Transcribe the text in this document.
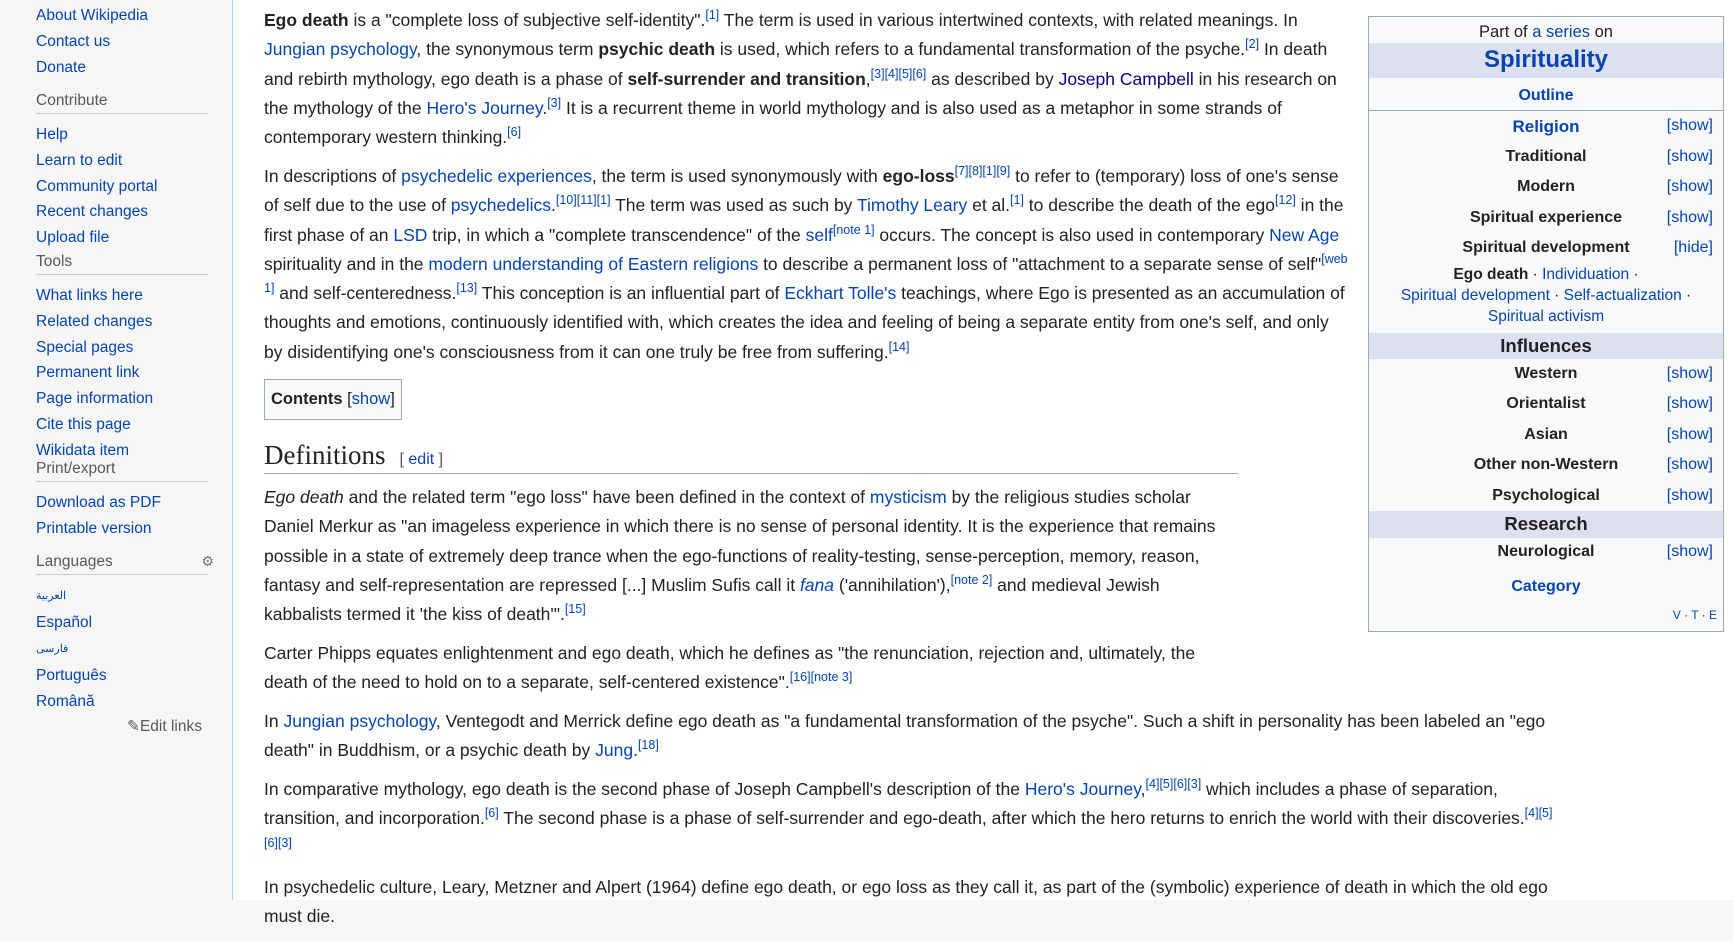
About Wikipedia
Contact us
Donate
Contribute
Help
Learn to edit
Community portal
Recent changes
Upload file
Tools
What links here
Related changes
Special pages
Permanent link
Page information
Cite this page
Wikidata item
Print/export
Download as PDF
Printable version
Languages	⚙
العربية
Español
فارسی
Português
Română
✎Edit links
Part of a series on
Spirituality
Outline
Religion	[show]
Traditional	[show]
Modern	[show]
Spiritual experience	[show]
Spiritual development	[hide]
Ego death · Individuation ·
Spiritual development · Self-actualization ·
Spiritual activism
Influences
Western	[show]
Orientalist	[show]
Asian	[show]
Other non-Western	[show]
Psychological	[show]
Research
Neurological	[show]
Category
V · T · E

Ego death is a "complete loss of subjective self-identity".[1] The term is used in various intertwined contexts, with related meanings. In Jungian psychology, the synonymous term psychic death is used, which refers to a fundamental transformation of the psyche.[2] In death and rebirth mythology, ego death is a phase of self-surrender and transition,[3][4][5][6] as described by Joseph Campbell in his research on the mythology of the Hero's Journey.[3] It is a recurrent theme in world mythology and is also used as a metaphor in some strands of contemporary western thinking.[6]

In descriptions of psychedelic experiences, the term is used synonymously with ego-loss[7][8][1][9] to refer to (temporary) loss of one's sense of self due to the use of psychedelics.[10][11][1] The term was used as such by Timothy Leary et al.[1] to describe the death of the ego[12] in the first phase of an LSD trip, in which a "complete transcendence" of the self[note 1] occurs. The concept is also used in contemporary New Age spirituality and in the modern understanding of Eastern religions to describe a permanent loss of "attachment to a separate sense of self"[web 1] and self-centeredness.[13] This conception is an influential part of Eckhart Tolle's teachings, where Ego is presented as an accumulation of thoughts and emotions, continuously identified with, which creates the idea and feeling of being a separate entity from one's self, and only by disidentifying one's consciousness from it can one truly be free from suffering.[14]

Contents [show]
Definitions [ edit ]

Ego death and the related term "ego loss" have been defined in the context of mysticism by the religious studies scholar Daniel Merkur as "an imageless experience in which there is no sense of personal identity. It is the experience that remains possible in a state of extremely deep trance when the ego-functions of reality-testing, sense-perception, memory, reason, fantasy and self-representation are repressed [...] Muslim Sufis call it fana ('annihilation'),[note 2] and medieval Jewish kabbalists termed it 'the kiss of death'".[15]

Carter Phipps equates enlightenment and ego death, which he defines as "the renunciation, rejection and, ultimately, the death of the need to hold on to a separate, self-centered existence".[16][note 3]

In Jungian psychology, Ventegodt and Merrick define ego death as "a fundamental transformation of the psyche". Such a shift in personality has been labeled an "ego death" in Buddhism, or a psychic death by Jung.[18]

In comparative mythology, ego death is the second phase of Joseph Campbell's description of the Hero's Journey,[4][5][6][3] which includes a phase of separation, transition, and incorporation.[6] The second phase is a phase of self-surrender and ego-death, after which the hero returns to enrich the world with their discoveries.[4][5][6][3]

In psychedelic culture, Leary, Metzner and Alpert (1964) define ego death, or ego loss as they call it, as part of the (symbolic) experience of death in which the old ego must die.
